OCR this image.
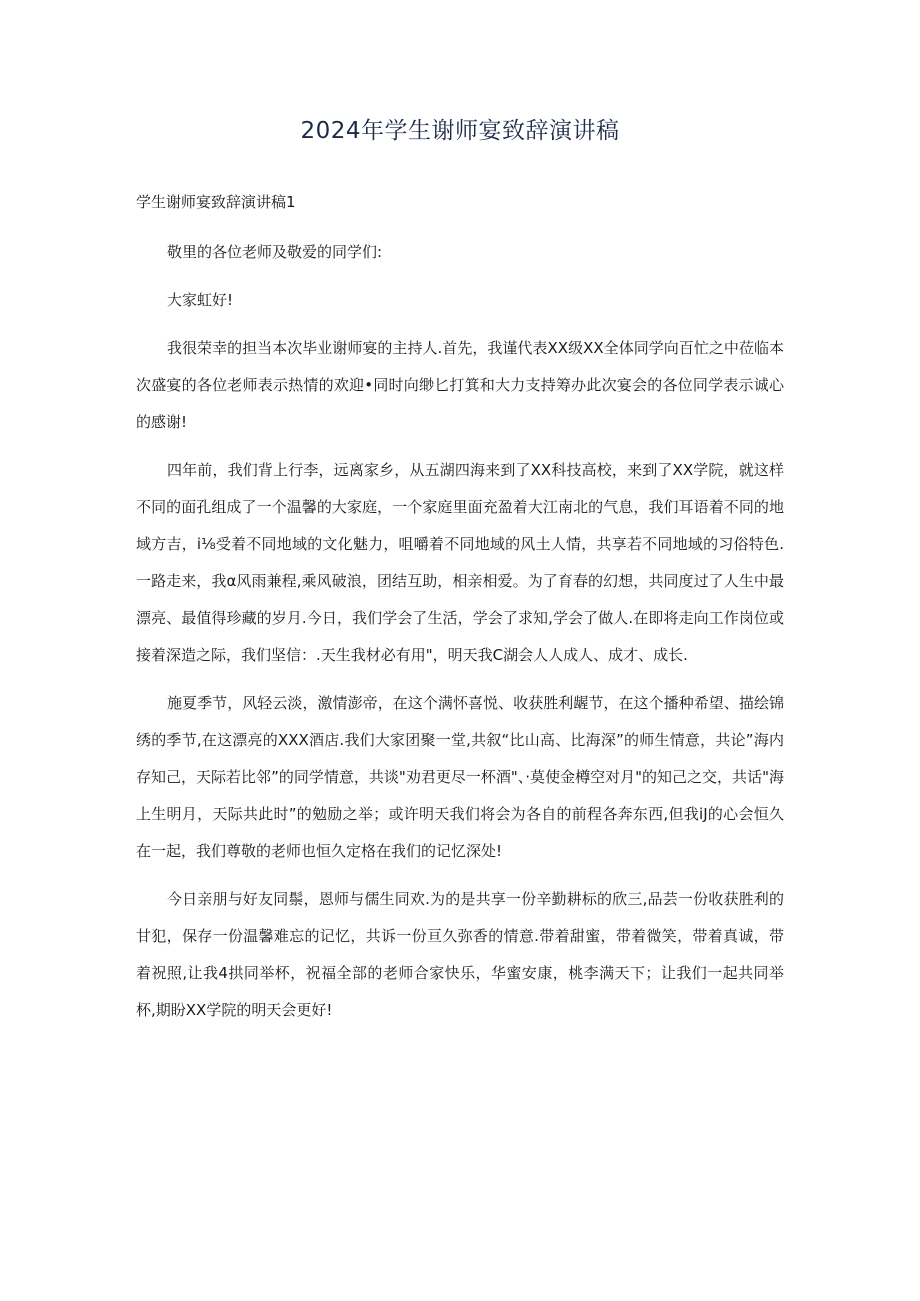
2024年学生谢师宴致辞演讲稿
学生谢师宴致辞演讲稿1

敬里的各位老师及敬爱的同学们:

大家虹好!

我很荣幸的担当本次毕业谢师宴的主持人.首先，我谨代表XX级XX全体同学向百忙之中莅临本次盛宴的各位老师表示热情的欢迎•同时向缈匕打箕和大力支持筹办此次宴会的各位同学表示诚心的感谢!

四年前，我们背上行李，远离家乡，从五湖四海来到了XX科技高校，来到了XX学院，就这样不同的面孔组成了一个温馨的大家庭，一个家庭里面充盈着大江南北的气息，我们耳语着不同的地域方吉，i⅛受着不同地域的文化魅力，咀嚼着不同地域的风土人情，共享若不同地域的习俗特色.一路走来，我α风雨兼程,乘风破浪，团结互助，相亲相爱。为了育春的幻想，共同度过了人生中最漂亮、最值得珍藏的岁月.今日，我们学会了生活，学会了求知,学会了做人.在即将走向工作岗位或接着深造之际，我们坚信：.天生我材必有用"，明天我C湖会人人成人、成才、成长.

施夏季节，风轻云淡，激情澎帝，在这个满怀喜悦、收获胜利龌节，在这个播种希望、描绘锦绣的季节,在这漂亮的XXX酒店.我们大家团聚一堂,共叙“比山高、比海深”的师生情意，共论”海内存知己，天际若比邻”的同学情意，共谈"劝君更尽一杯酒"、·莫使金樽空对月"的知己之交，共话"海上生明月，天际共此时”的勉励之举；或许明天我们将会为各自的前程各奔东西,但我iJ的心会恒久在一起，我们尊敬的老师也恒久定格在我们的记忆深处!

今日亲朋与好友同鬃，恩师与儒生同欢.为的是共享一份辛勤耕标的欣三,品芸一份收获胜利的甘犯，保存一份温馨难忘的记忆，共诉一份亘久弥香的情意.带着甜蜜，带着微笑，带着真诚，带着祝照,让我4拱同举杯，祝福全部的老师合家快乐，华蜜安康，桃李满天下；让我们一起共同举杯,期盼XX学院的明天会更好!
